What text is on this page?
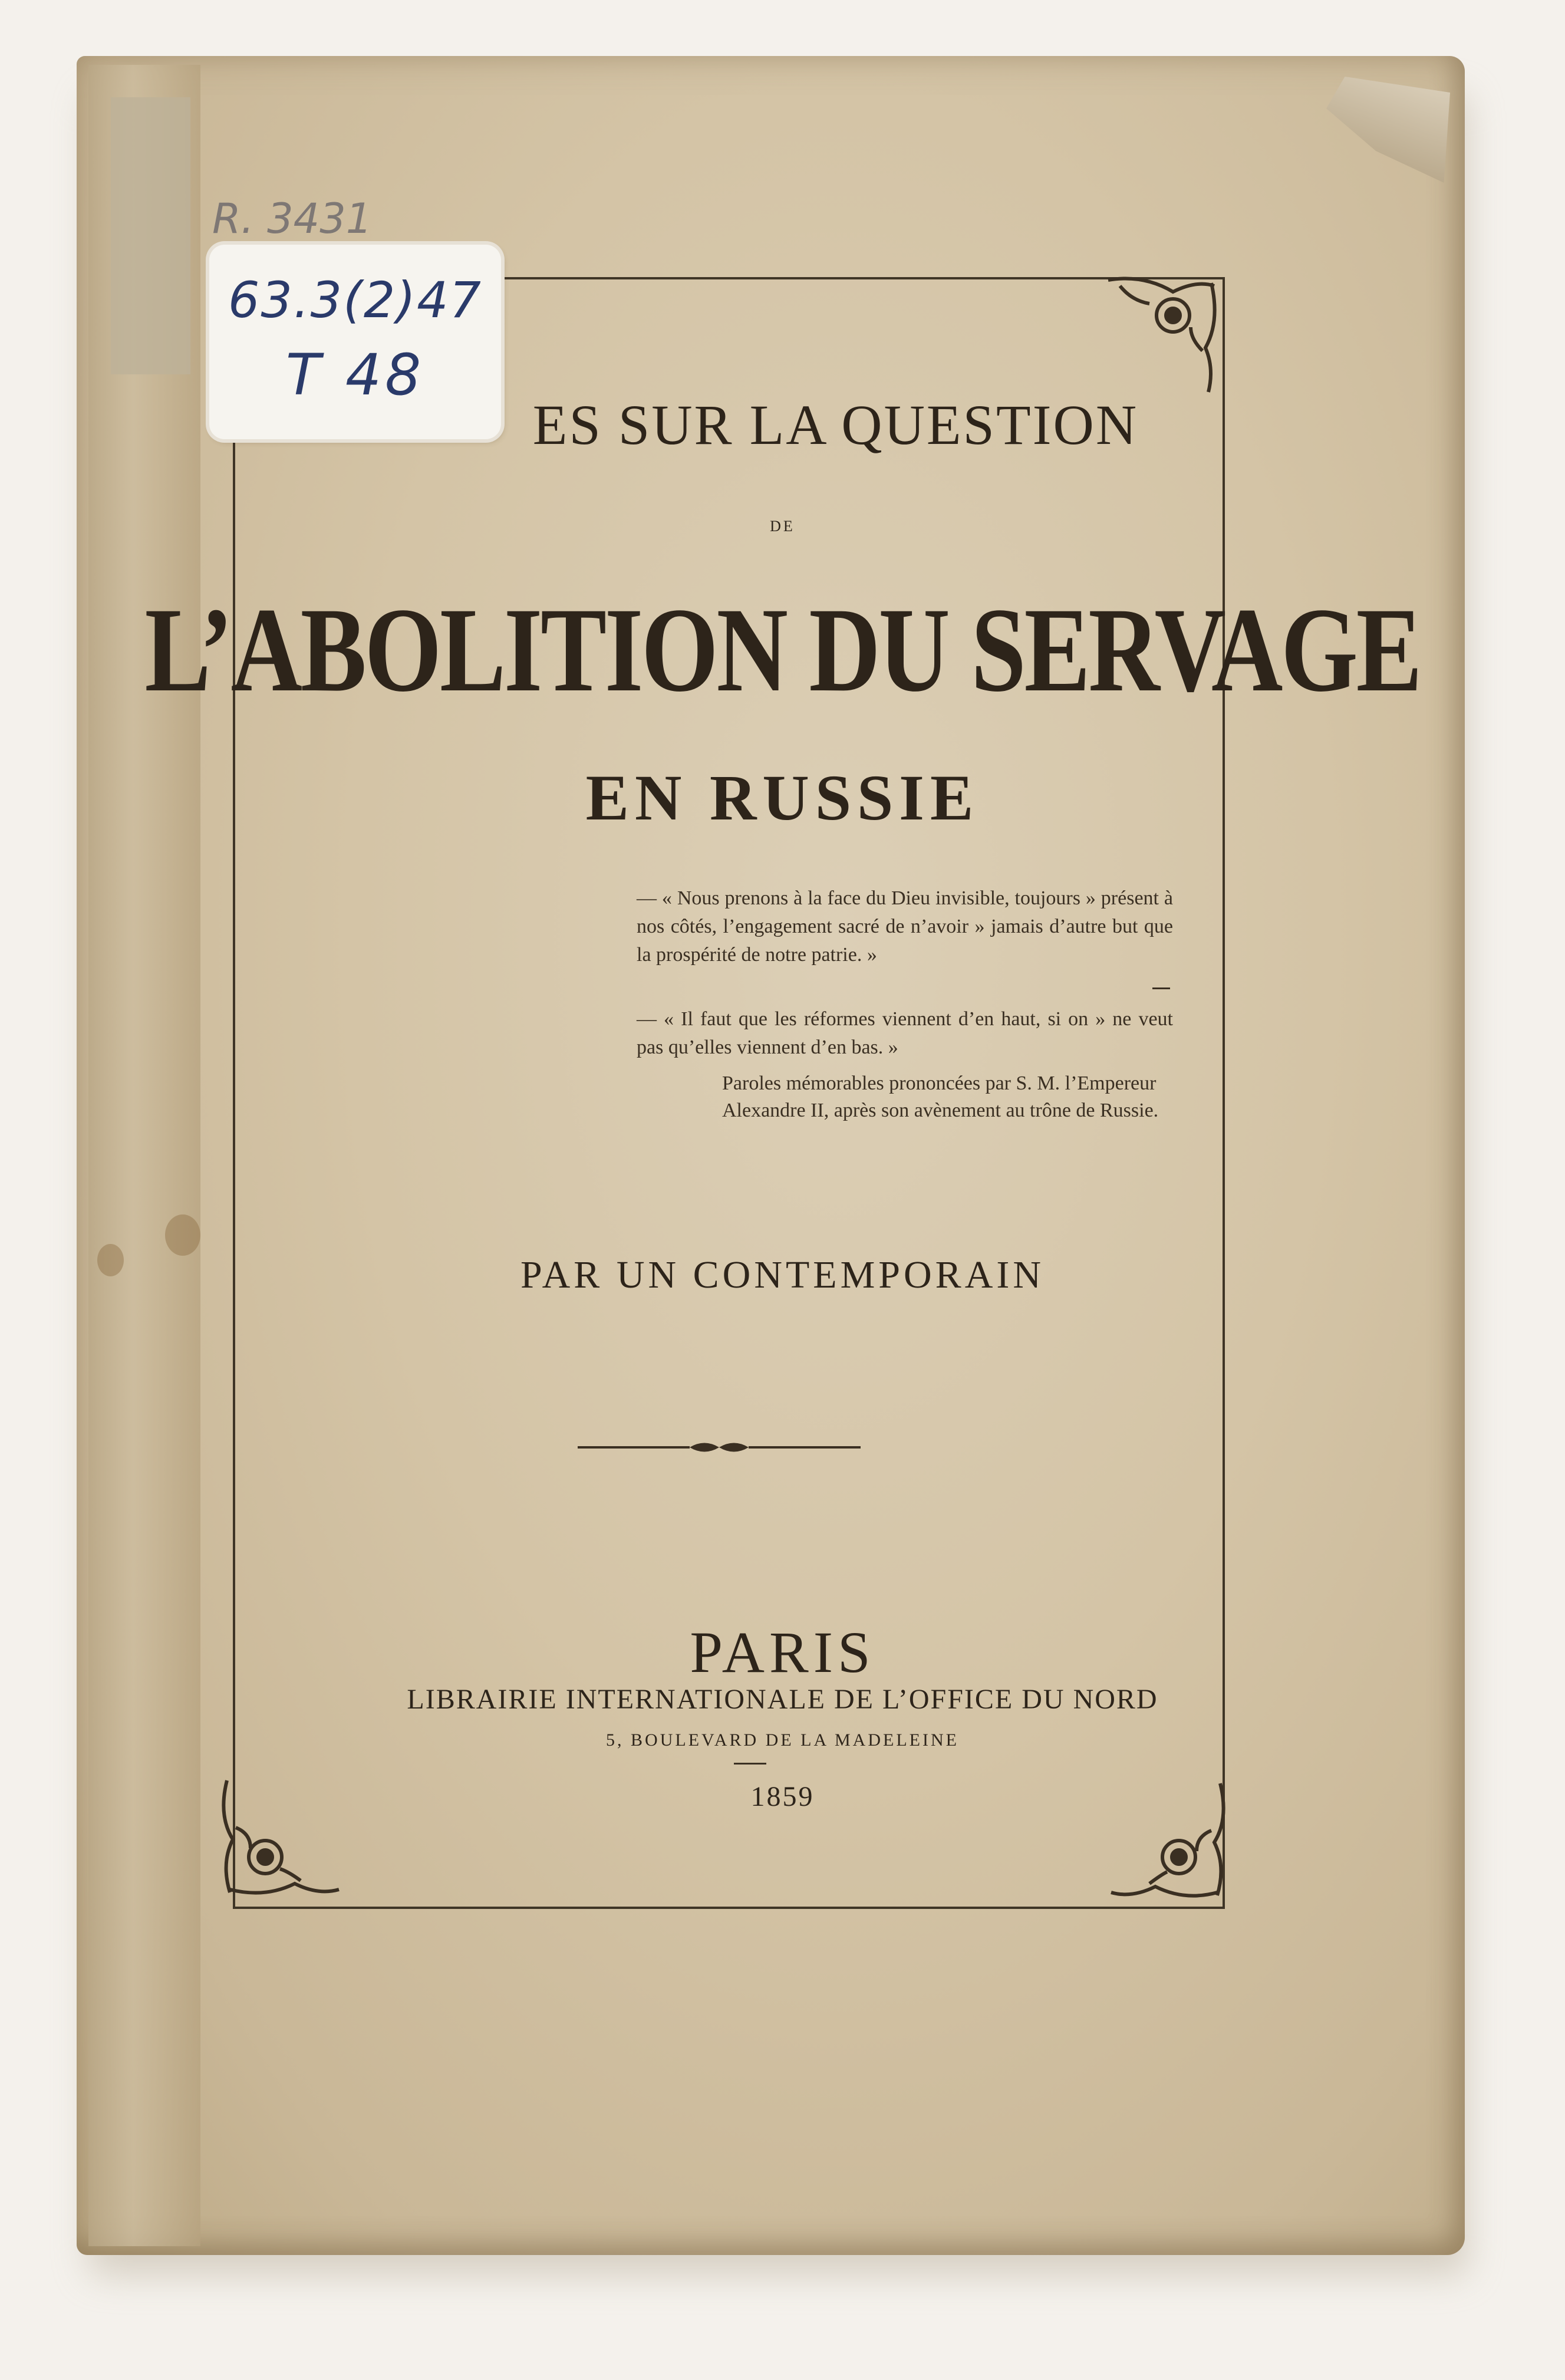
R. 3431
63.3(2)47
T 48
ES SUR LA QUESTION
DE
L’ABOLITION DU SERVAGE
EN RUSSIE
— « Nous prenons à la face du Dieu invisible, toujours » présent à nos côtés, l’engagement sacré de n’avoir » jamais d’autre but que la prospérité de notre patrie. »
— « Il faut que les réformes viennent d’en haut, si on » ne veut pas qu’elles viennent d’en bas. »
Paroles mémorables prononcées par S. M. l’Empereur Alexandre II, après son avènement au trône de Russie.
PAR UN CONTEMPORAIN
PARIS
LIBRAIRIE INTERNATIONALE DE L’OFFICE DU NORD
5, BOULEVARD DE LA MADELEINE
1859
